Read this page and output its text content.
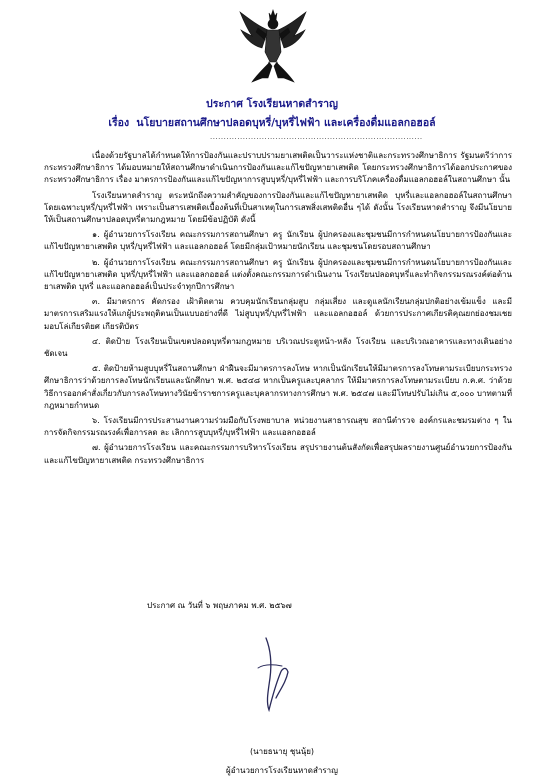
ประกาศ โรงเรียนหาดสำราญ
เรื่อง นโยบายสถานศึกษาปลอดบุหรี่/บุหรี่ไฟฟ้า และเครื่องดื่มแอลกอฮอล์
..............................................................................

เนื่องด้วยรัฐบาลได้กำหนดให้การป้องกันและปราบปรามยาเสพติดเป็นวาระแห่งชาติและกระทรวงศึกษาธิการ รัฐมนตรีว่าการกระทรวงศึกษาธิการ ได้มอบหมายให้สถานศึกษาดำเนินการป้องกันและแก้ไขปัญหายาเสพติด โดยกระทรวงศึกษาธิการได้ออกประกาศของกระทรวงศึกษาธิการ เรื่อง มาตรการป้องกันและแก้ไขปัญหาการสูบบุหรี่/บุหรี่ไฟฟ้า และการบริโภคเครื่องดื่มแอลกอฮอล์ในสถานศึกษา นั้น

โรงเรียนหาดสำราญ ตระหนักถึงความสำคัญของการป้องกันและแก้ไขปัญหายาเสพติด บุหรี่และแอลกอฮอล์ในสถานศึกษา โดยเฉพาะบุหรี่/บุหรี่ไฟฟ้า เพราะเป็นสารเสพติดเบื้องต้นที่เป็นสาเหตุในการเสพสิ่งเสพติดอื่น ๆได้ ดังนั้น โรงเรียนหาดสำราญ จึงมีนโยบายให้เป็นสถานศึกษาปลอดบุหรี่ตามกฎหมาย โดยมีข้อปฏิบัติ ดังนี้

๑. ผู้อำนวยการโรงเรียน คณะกรรมการสถานศึกษา ครู นักเรียน ผู้ปกครองและชุมชนมีการกำหนดนโยบายการป้องกันและแก้ไขปัญหายาเสพติด บุหรี่/บุหรี่ไฟฟ้า และแอลกอฮอล์ โดยมีกลุ่มเป้าหมายนักเรียน และชุมชนโดยรอบสถานศึกษา

๒. ผู้อำนวยการโรงเรียน คณะกรรมการสถานศึกษา ครู นักเรียน ผู้ปกครองและชุมชนมีการกำหนดนโยบายการป้องกันและแก้ไขปัญหายาเสพติด บุหรี่/บุหรี่ไฟฟ้า และแอลกอฮอล์ แต่งตั้งคณะกรรมการดำเนินงาน โรงเรียนปลอดบุหรี่และทำกิจกรรมรณรงค์ต่อต้านยาเสพติด บุหรี่ และแอลกอฮอล์เป็นประจำทุกปีการศึกษา

๓. มีมาตรการ คัดกรอง เฝ้าติดตาม ควบคุมนักเรียนกลุ่มสูบ กลุ่มเสี่ยง และดูแลนักเรียนกลุ่มปกติอย่างเข้มแข็ง และมีมาตรการเสริมแรงให้แกผู้ประพฤติตนเป็นแบบอย่างที่ดี ไม่สูบบุหรี่/บุหรี่ไฟฟ้า และแอลกอฮอล์ ด้วยการประกาศเกียรติคุณยกย่องชมเชย มอบโล่เกียรติยศ เกียรติบัตร

๔. ติดป้าย โรงเรียนเป็นเขตปลอดบุหรี่ตามกฎหมาย บริเวณประตูหน้า-หลัง โรงเรียน และบริเวณอาคารและทางเดินอย่างชัดเจน

๕. ติดป้ายห้ามสูบบุหรี่ในสถานศึกษา ฝ่าฝืนจะมีมาตรการลงโทษ หากเป็นนักเรียนให้มีมาตรการลงโทษตามระเบียบกระทรวงศึกษาธิการว่าด้วยการลงโทษนักเรียนและนักศึกษา พ.ศ. ๒๕๔๘ หากเป็นครูและบุคลากร ให้มีมาตรการลงโทษตามระเบียบ ก.ค.ศ. ว่าด้วยวิธีการออกคำสั่งเกี่ยวกับการลงโทษทางวินัยข้าราชการครูและบุคลากรทางการศึกษา พ.ศ. ๒๕๔๗ และมีโทษปรับไม่เกิน ๕,๐๐๐ บาทตามที่กฎหมายกำหนด

๖. โรงเรียนมีการประสานงานความร่วมมือกับโรงพยาบาล หน่วยงานสาธารณสุข สถานีตำรวจ องค์กรและชมรมต่าง ๆ ในการจัดกิจกรรมรณรงค์เพื่อการลด ละ เลิกการสูบบุหรี่/บุหรี่ไฟฟ้า และแอลกอฮอล์

๗. ผู้อำนวยการโรงเรียน และคณะกรรมการบริหารโรงเรียน สรุปรายงานต้นสังกัดเพื่อสรุปผลรายงานศูนย์อำนวยการป้องกันและแก้ไขปัญหายาเสพติด กระทรวงศึกษาธิการ

ประกาศ ณ วันที่ ๖ พฤษภาคม พ.ศ. ๒๕๖๗
(นายธนายุ ชุนนุ้ย)
ผู้อำนวยการโรงเรียนหาดสำราญ
